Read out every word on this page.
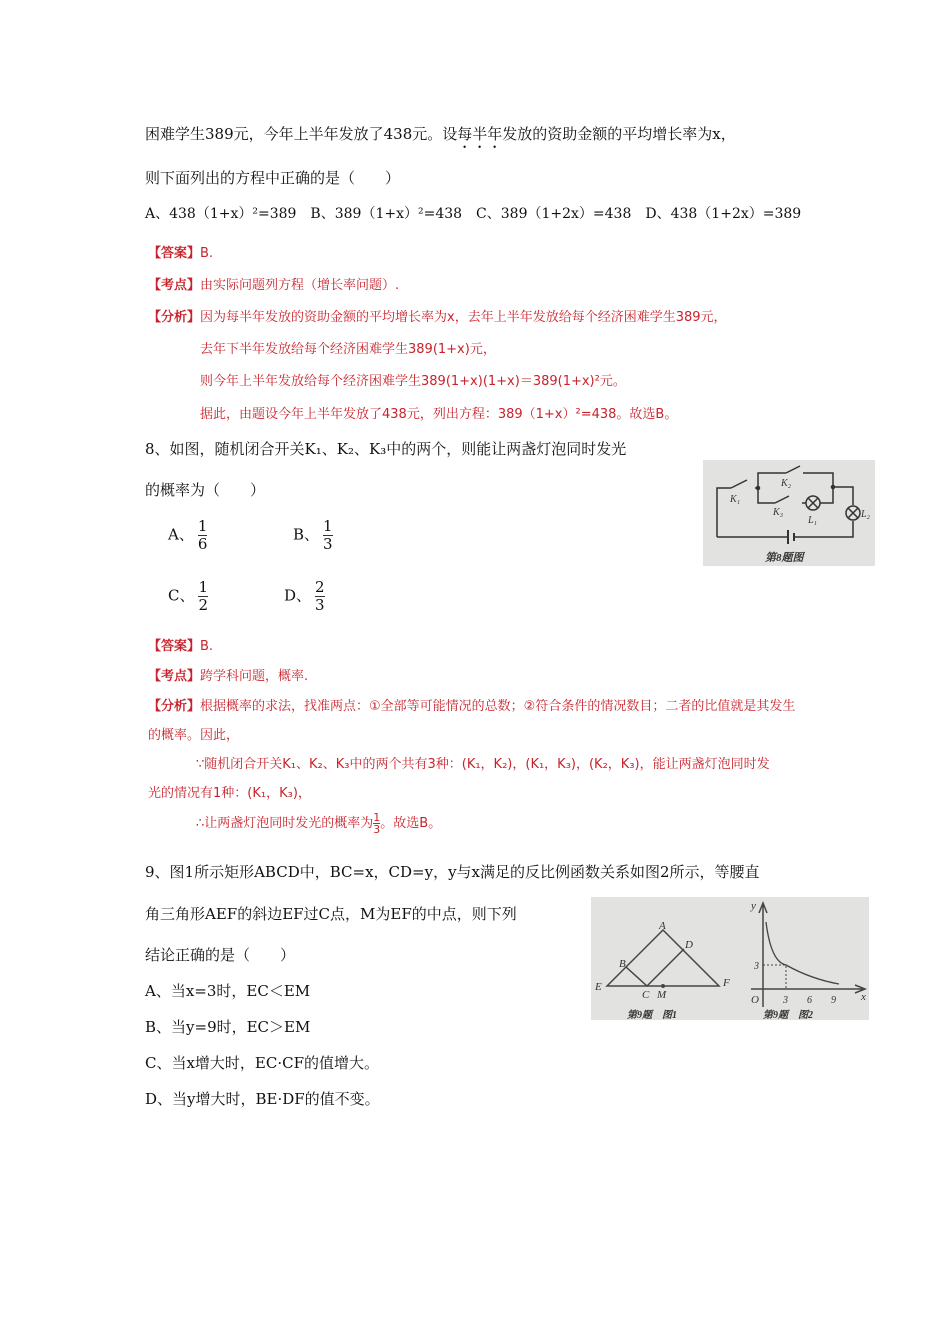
困难学生389元，今年上半年发放了438元。设每半年发放的资助金额的平均增长率为x，
则下面列出的方程中正确的是（　　）
A、438（1+x）²=389　B、389（1+x）²=438　C、389（1+2x）=438　D、438（1+2x）=389
【答案】B.
【考点】由实际问题列方程（增长率问题）.
【分析】因为每半年发放的资助金额的平均增长率为x，去年上半年发放给每个经济困难学生389元，
去年下半年发放给每个经济困难学生389(1+x)元，
则今年上半年发放给每个经济困难学生389(1+x)(1+x)＝389(1+x)²元。
据此，由题设今年上半年发放了438元，列出方程：389（1+x）²=438。故选B。
8、如图，随机闭合开关K₁、K₂、K₃中的两个，则能让两盏灯泡同时发光
的概率为（　　）
A、 $\frac{1}{6}$	B、 $\frac{1}{3}$
C、 $\frac{1}{2}$	D、 $\frac{2}{3}$
K₁
K₂
K₃
L₁
L₂
第8题图
【答案】B.
【考点】跨学科问题，概率.
【分析】根据概率的求法，找准两点：①全部等可能情况的总数；②符合条件的情况数目；二者的比值就是其发生
的概率。因此，
∵随机闭合开关K₁、K₂、K₃中的两个共有3种：(K₁，K₂)，(K₁，K₃)，(K₂，K₃)，能让两盏灯泡同时发
光的情况有1种：(K₁，K₃)，
∴让两盏灯泡同时发光的概率为 $\frac{1}{3}$ 。故选B。
9、图1所示矩形ABCD中，BC=x，CD=y，y与x满足的反比例函数关系如图2所示，等腰直
角三角形AEF的斜边EF过C点，M为EF的中点，则下列
结论正确的是（　　）
A、当x=3时，EC＜EM
B、当y=9时，EC＞EM
C、当x增大时，EC·CF的值增大。
D、当y增大时，BE·DF的值不变。
A
B
C
D
E	F
M
y
x
O
3
3 6 9
第9题　图1	第9题　图2
